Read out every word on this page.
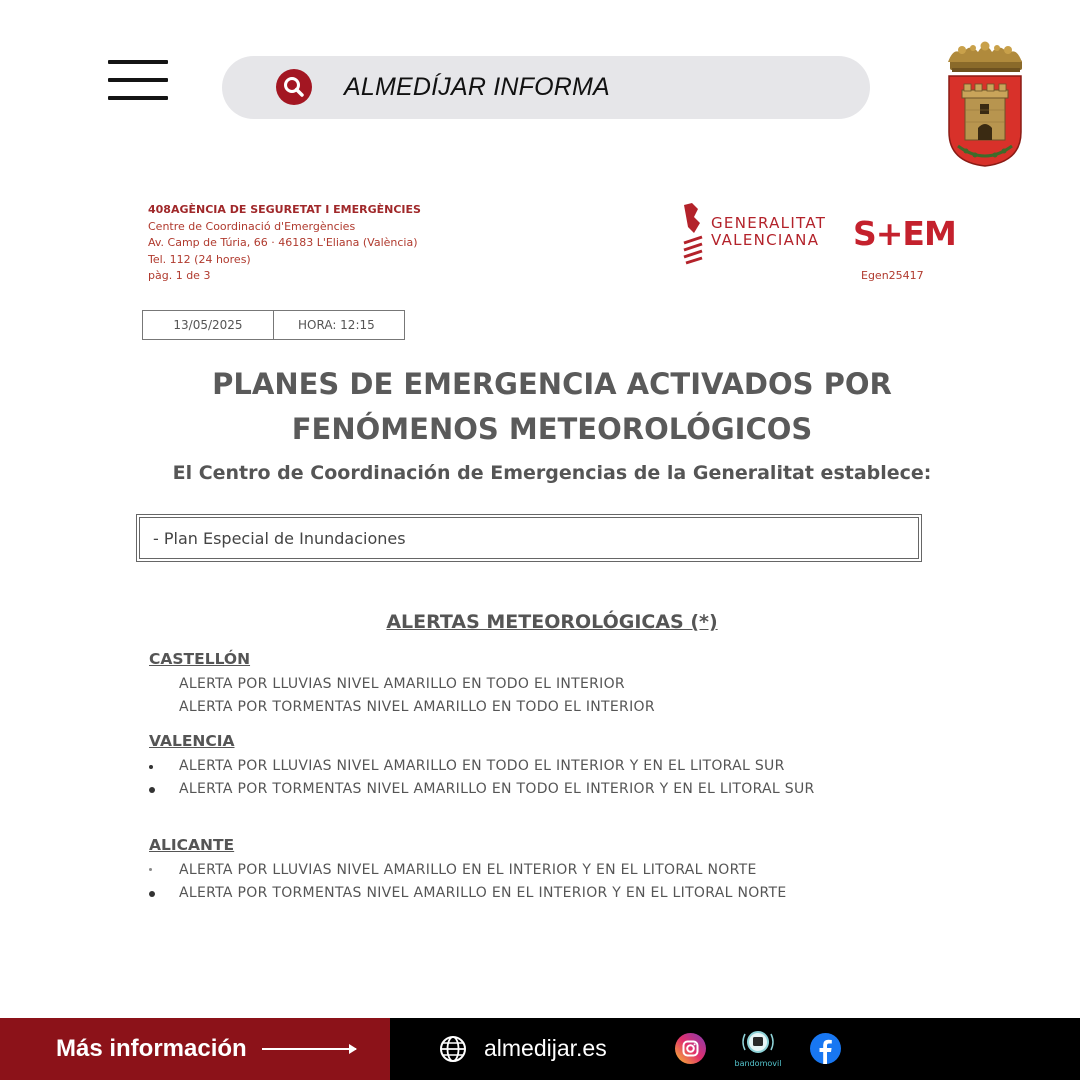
ALMEDÍJAR INFORMA
408AGÈNCIA DE SEGURETAT I EMERGÈNCIES
Centre de Coordinació d'Emergències
Av. Camp de Túria, 66 · 46183 L'Eliana (València)
Tel. 112 (24 hores)
pàg. 1 de 3
GENERALITAT
VALENCIANA S+EM
Egen25417
13/05/2025	HORA: 12:15
PLANES DE EMERGENCIA ACTIVADOS POR
FENÓMENOS METEOROLÓGICOS
El Centro de Coordinación de Emergencias de la Generalitat establece:
- Plan Especial de Inundaciones
ALERTAS METEOROLÓGICAS (*)
CASTELLÓN
ALERTA POR LLUVIAS NIVEL AMARILLO EN TODO EL INTERIOR
ALERTA POR TORMENTAS NIVEL AMARILLO EN TODO EL INTERIOR
VALENCIA
ALERTA POR LLUVIAS NIVEL AMARILLO EN TODO EL INTERIOR Y EN EL LITORAL SUR
ALERTA POR TORMENTAS NIVEL AMARILLO EN TODO EL INTERIOR Y EN EL LITORAL SUR
ALICANTE
ALERTA POR LLUVIAS NIVEL AMARILLO EN EL INTERIOR Y EN EL LITORAL NORTE
ALERTA POR TORMENTAS NIVEL AMARILLO EN EL INTERIOR Y EN EL LITORAL NORTE
Más información	almedijar.es
bandomovil
